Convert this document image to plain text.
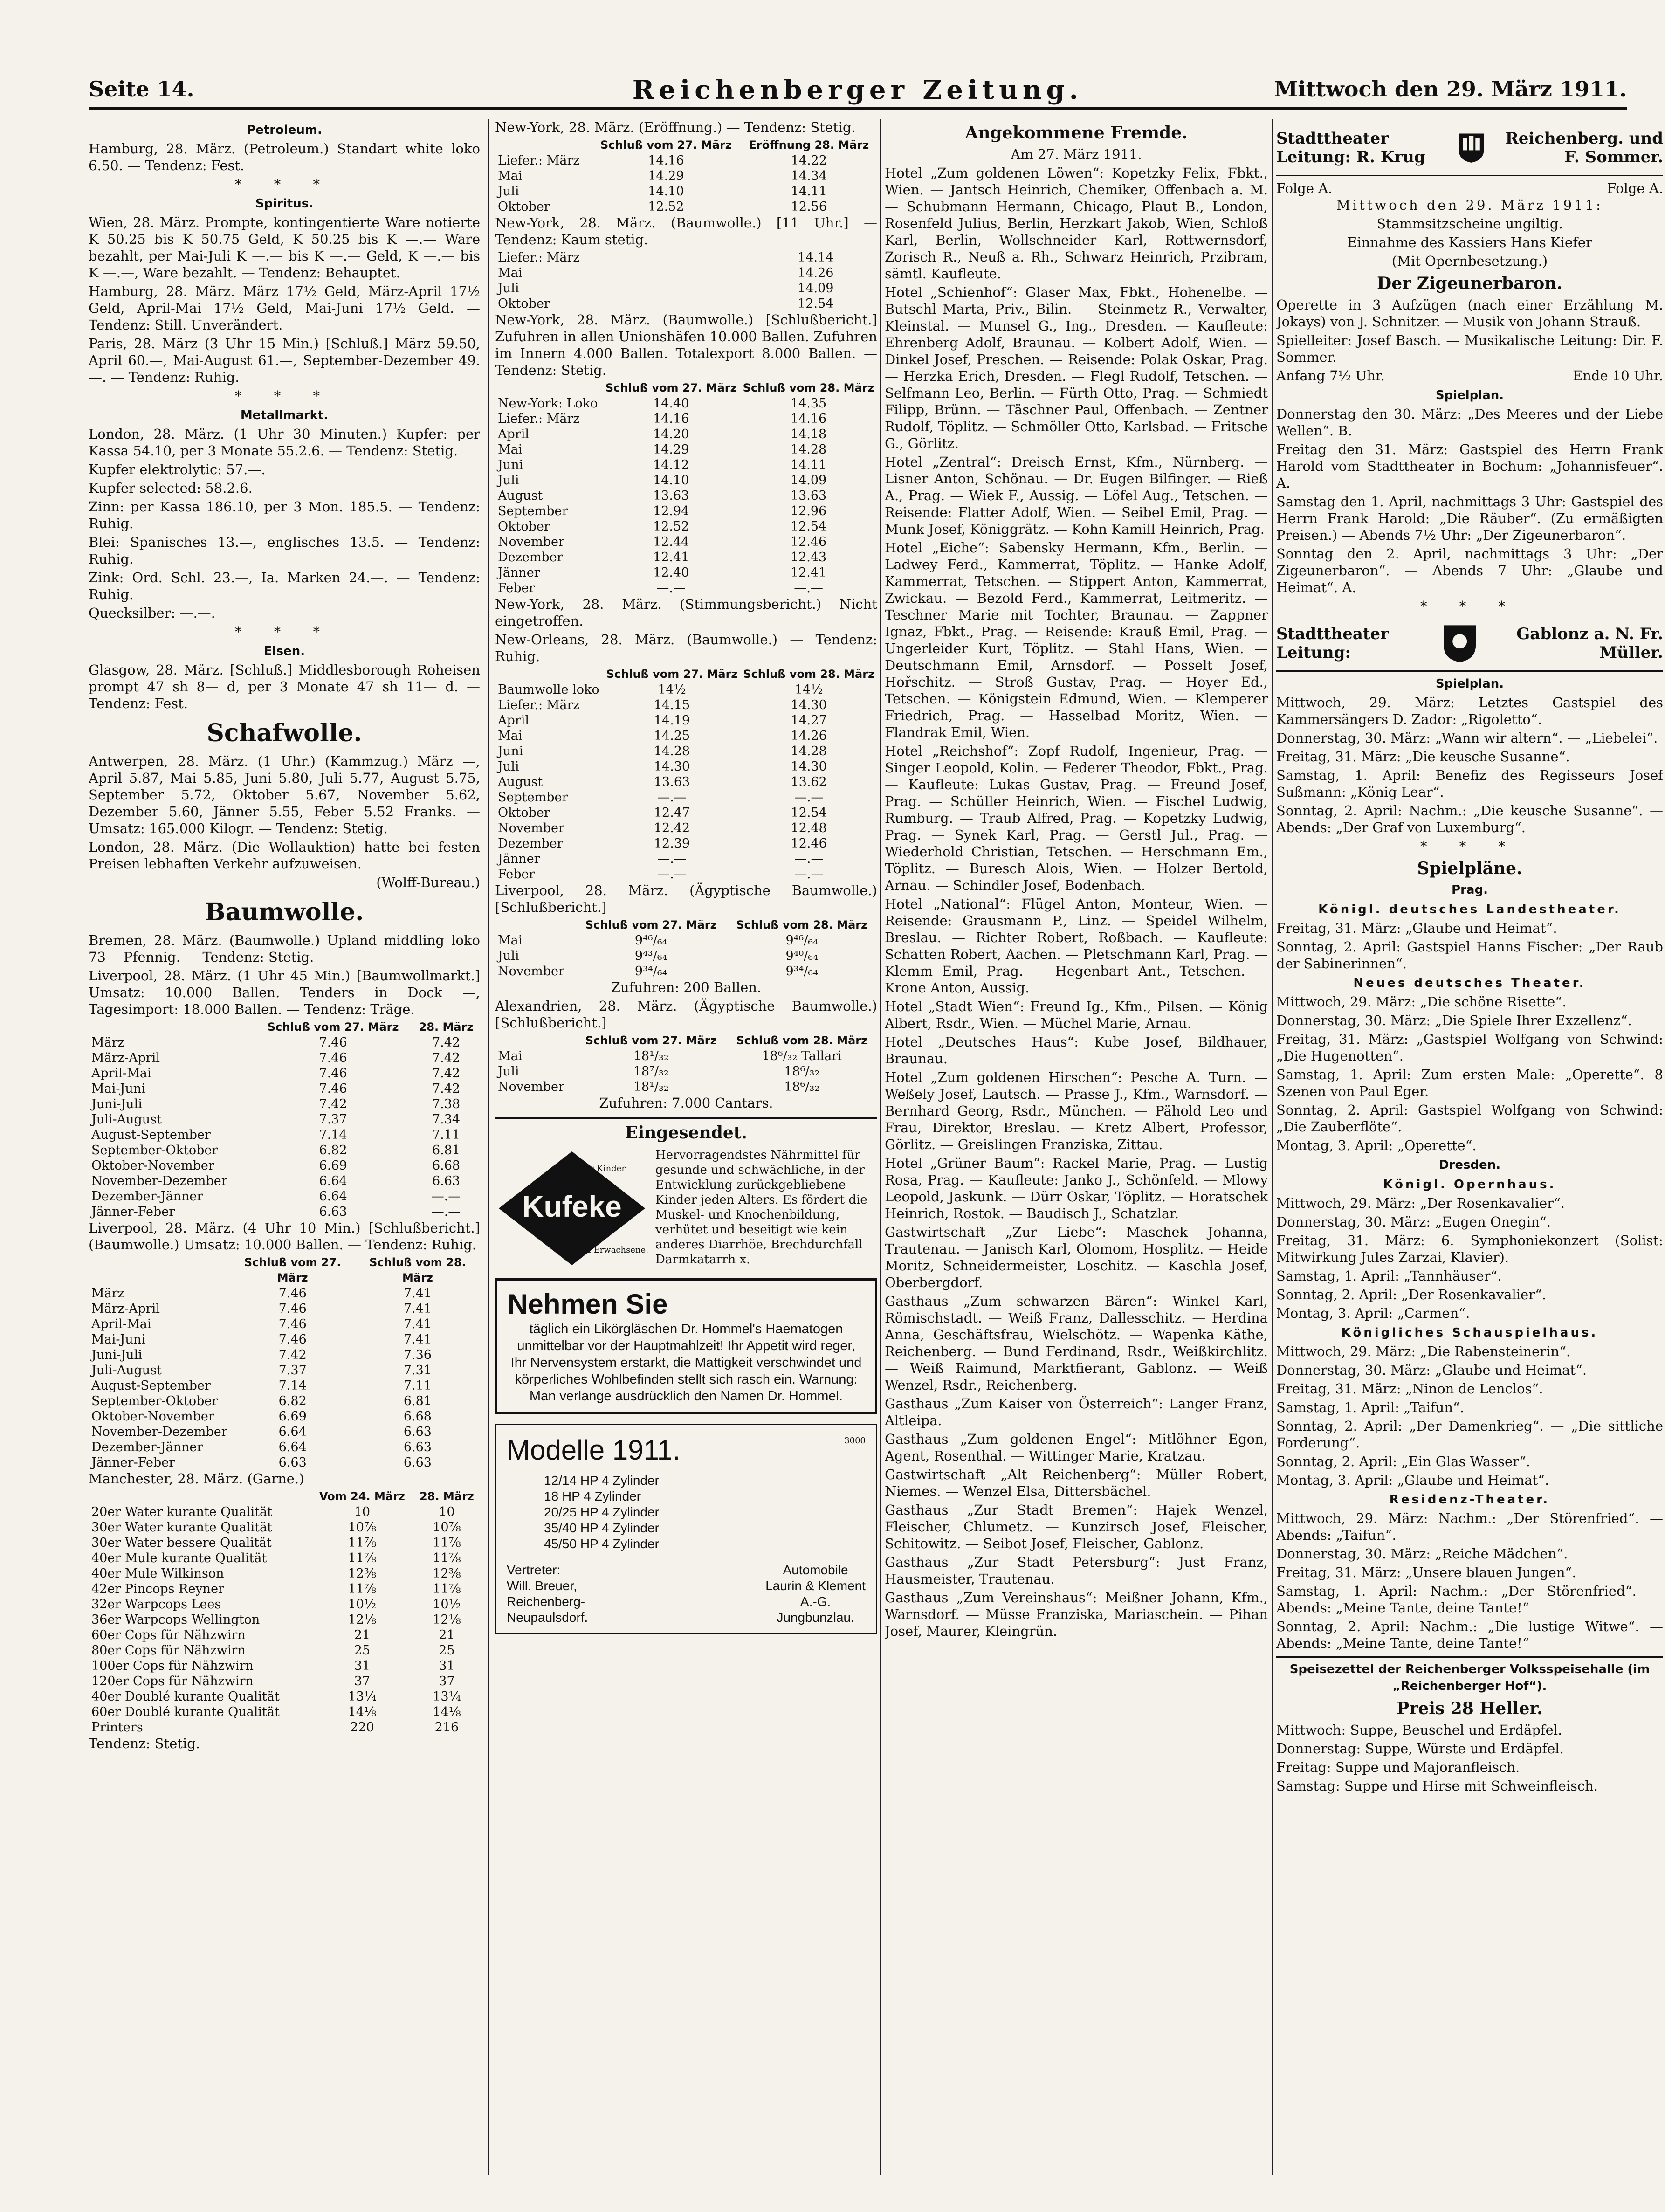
Seite 14.	Reichenberger Zeitung.	Mittwoch den 29. März 1911.
Petroleum.

Hamburg, 28. März. (Petroleum.) Standart white loko 6.50. — Tendenz: Fest.

* * *
Spiritus.

Wien, 28. März. Prompte, kontingentierte Ware notierte K 50.25 bis K 50.75 Geld, K 50.25 bis K —.— Ware bezahlt, per Mai-Juli K —.— bis K —.— Geld, K —.— bis K —.—, Ware bezahlt. — Tendenz: Behauptet.

Hamburg, 28. März. März 17½ Geld, März-April 17½ Geld, April-Mai 17½ Geld, Mai-Juni 17½ Geld. — Tendenz: Still. Unverändert.

Paris, 28. März (3 Uhr 15 Min.) [Schluß.] März 59.50, April 60.—, Mai-August 61.—, September-Dezember 49.—. — Tendenz: Ruhig.

* * *
Metallmarkt.

London, 28. März. (1 Uhr 30 Minuten.) Kupfer: per Kassa 54.10, per 3 Monate 55.2.6. — Tendenz: Stetig.

Kupfer elektrolytic: 57.—.

Kupfer selected: 58.2.6.

Zinn: per Kassa 186.10, per 3 Mon. 185.5. — Tendenz: Ruhig.

Blei: Spanisches 13.—, englisches 13.5. — Tendenz: Ruhig.

Zink: Ord. Schl. 23.—, Ia. Marken 24.—. — Tendenz: Ruhig.

Quecksilber: —.—.

* * *
Eisen.

Glasgow, 28. März. [Schluß.] Middlesborough Roheisen prompt 47 sh 8— d, per 3 Monate 47 sh 11— d. — Tendenz: Fest.

Schafwolle.

Antwerpen, 28. März. (1 Uhr.) (Kammzug.) März —, April 5.87, Mai 5.85, Juni 5.80, Juli 5.77, August 5.75, September 5.72, Oktober 5.67, November 5.62, Dezember 5.60, Jänner 5.55, Feber 5.52 Franks. — Umsatz: 165.000 Kilogr. — Tendenz: Stetig.

London, 28. März. (Die Wollauktion) hatte bei festen Preisen lebhaften Verkehr aufzuweisen.

(Wolff-Bureau.)

Baumwolle.

Bremen, 28. März. (Baumwolle.) Upland middling loko 73— Pfennig. — Tendenz: Stetig.

Liverpool, 28. März. (1 Uhr 45 Min.) [Baumwollmarkt.] Umsatz: 10.000 Ballen. Tenders in Dock —, Tagesimport: 18.000 Ballen. — Tendenz: Träge.

	Schluß vom 27. März	28. März
März	7.46	7.42
März-April	7.46	7.42
April-Mai	7.46	7.42
Mai-Juni	7.46	7.42
Juni-Juli	7.42	7.38
Juli-August	7.37	7.34
August-September	7.14	7.11
September-Oktober	6.82	6.81
Oktober-November	6.69	6.68
November-Dezember	6.64	6.63
Dezember-Jänner	6.64	—.—
Jänner-Feber	6.63	—.—

Liverpool, 28. März. (4 Uhr 10 Min.) [Schlußbericht.] (Baumwolle.) Umsatz: 10.000 Ballen. — Tendenz: Ruhig.

	Schluß vom 27. März	Schluß vom 28. März
März	7.46	7.41
März-April	7.46	7.41
April-Mai	7.46	7.41
Mai-Juni	7.46	7.41
Juni-Juli	7.42	7.36
Juli-August	7.37	7.31
August-September	7.14	7.11
September-Oktober	6.82	6.81
Oktober-November	6.69	6.68
November-Dezember	6.64	6.63
Dezember-Jänner	6.64	6.63
Jänner-Feber	6.63	6.63

Manchester, 28. März. (Garne.)

	Vom 24. März	28. März
20er Water kurante Qualität	10	10
30er Water kurante Qualität	10⅞	10⅞
30er Water bessere Qualität	11⅞	11⅞
40er Mule kurante Qualität	11⅞	11⅞
40er Mule Wilkinson	12⅜	12⅜
42er Pincops Reyner	11⅞	11⅞
32er Warpcops Lees	10½	10½
36er Warpcops Wellington	12⅛	12⅛
60er Cops für Nähzwirn	21	21
80er Cops für Nähzwirn	25	25
100er Cops für Nähzwirn	31	31
120er Cops für Nähzwirn	37	37
40er Doublé kurante Qualität	13¼	13¼
60er Doublé kurante Qualität	14⅛	14⅛
Printers	220	216

Tendenz: Stetig.

New-York, 28. März. (Eröffnung.) — Tendenz: Stetig.

	Schluß vom 27. März	Eröffnung 28. März
Liefer.: März	14.16	14.22
Mai	14.29	14.34
Juli	14.10	14.11
Oktober	12.52	12.56

New-York, 28. März. (Baumwolle.) [11 Uhr.] — Tendenz: Kaum stetig.

Liefer.: März	14.14
Mai	14.26
Juli	14.09
Oktober	12.54

New-York, 28. März. (Baumwolle.) [Schlußbericht.] Zufuhren in allen Unionshäfen 10.000 Ballen. Zufuhren im Innern 4.000 Ballen. Totalexport 8.000 Ballen. — Tendenz: Stetig.

	Schluß vom 27. März	Schluß vom 28. März
New-York: Loko	14.40	14.35
Liefer.: März	14.16	14.16
April	14.20	14.18
Mai	14.29	14.28
Juni	14.12	14.11
Juli	14.10	14.09
August	13.63	13.63
September	12.94	12.96
Oktober	12.52	12.54
November	12.44	12.46
Dezember	12.41	12.43
Jänner	12.40	12.41
Feber	—.—	—.—

New-York, 28. März. (Stimmungsbericht.) Nicht eingetroffen.

New-Orleans, 28. März. (Baumwolle.) — Tendenz: Ruhig.

	Schluß vom 27. März	Schluß vom 28. März
Baumwolle loko	14½	14½
Liefer.: März	14.15	14.30
April	14.19	14.27
Mai	14.25	14.26
Juni	14.28	14.28
Juli	14.30	14.30
August	13.63	13.62
September	—.—	—.—
Oktober	12.47	12.54
November	12.42	12.48
Dezember	12.39	12.46
Jänner	—.—	—.—
Feber	—.—	—.—

Liverpool, 28. März. (Ägyptische Baumwolle.) [Schlußbericht.]

	Schluß vom 27. März	Schluß vom 28. März
Mai	9⁴⁶/₆₄	9⁴⁶/₆₄
Juli	9⁴³/₆₄	9⁴⁰/₆₄
November	9³⁴/₆₄	9³⁴/₆₄

Zufuhren: 200 Ballen.

Alexandrien, 28. März. (Ägyptische Baumwolle.) [Schlußbericht.]

	Schluß vom 27. März	Schluß vom 28. März
Mai	18¹/₃₂	18⁶/₃₂ Tallari
Juli	18⁷/₃₂	18⁶/₃₂
November	18¹/₃₂	18⁶/₃₂

Zufuhren: 7.000 Cantars.

Eingesendet.
Kufeke
Für Kinder
und Erwachsene.
Hervorragendstes Nährmittel für gesunde und schwächliche, in der Entwicklung zurückgebliebene Kinder jeden Alters. Es fördert die Muskel- und Knochenbildung, verhütet und beseitigt wie kein anderes Diarrhöe, Brechdurchfall Darmkatarrh x.
Nehmen Sie
täglich ein Likörgläschen Dr. Hommel's Haematogen unmittelbar vor der Hauptmahlzeit! Ihr Appetit wird reger, Ihr Nervensystem erstarkt, die Mattigkeit verschwindet und körperliches Wohlbefinden stellt sich rasch ein. Warnung: Man verlange ausdrücklich den Namen Dr. Hommel.
Modelle 1911.	3000
12/14 HP 4 Zylinder
18 HP 4 Zylinder
20/25 HP 4 Zylinder
35/40 HP 4 Zylinder
45/50 HP 4 Zylinder
Vertreter:
Will. Breuer,
Reichenberg-
Neupaulsdorf.
Automobile
Laurin & Klement
A.-G.
Jungbunzlau.
Angekommene Fremde.

Am 27. März 1911.

Hotel „Zum goldenen Löwen“: Kopetzky Felix, Fbkt., Wien. — Jantsch Heinrich, Chemiker, Offenbach a. M. — Schubmann Hermann, Chicago, Plaut B., London, Rosenfeld Julius, Berlin, Herzkart Jakob, Wien, Schloß Karl, Berlin, Wollschneider Karl, Rottwernsdorf, Zorisch R., Neuß a. Rh., Schwarz Heinrich, Przibram, sämtl. Kaufleute.

Hotel „Schienhof“: Glaser Max, Fbkt., Hohenelbe. — Butschl Marta, Priv., Bilin. — Steinmetz R., Verwalter, Kleinstal. — Munsel G., Ing., Dresden. — Kaufleute: Ehrenberg Adolf, Braunau. — Kolbert Adolf, Wien. — Dinkel Josef, Preschen. — Reisende: Polak Oskar, Prag. — Herzka Erich, Dresden. — Flegl Rudolf, Tetschen. — Selfmann Leo, Berlin. — Fürth Otto, Prag. — Schmiedt Filipp, Brünn. — Täschner Paul, Offenbach. — Zentner Rudolf, Töplitz. — Schmöller Otto, Karlsbad. — Fritsche G., Görlitz.

Hotel „Zentral“: Dreisch Ernst, Kfm., Nürnberg. — Lisner Anton, Schönau. — Dr. Eugen Bilfinger. — Rieß A., Prag. — Wiek F., Aussig. — Löfel Aug., Tetschen. — Reisende: Flatter Adolf, Wien. — Seibel Emil, Prag. — Munk Josef, Königgrätz. — Kohn Kamill Heinrich, Prag.

Hotel „Eiche“: Sabensky Hermann, Kfm., Berlin. — Ladwey Ferd., Kammerrat, Töplitz. — Hanke Adolf, Kammerrat, Tetschen. — Stippert Anton, Kammerrat, Zwickau. — Bezold Ferd., Kammerrat, Leitmeritz. — Teschner Marie mit Tochter, Braunau. — Zappner Ignaz, Fbkt., Prag. — Reisende: Krauß Emil, Prag. — Ungerleider Kurt, Töplitz. — Stahl Hans, Wien. — Deutschmann Emil, Arnsdorf. — Posselt Josef, Hořschitz. — Stroß Gustav, Prag. — Hoyer Ed., Tetschen. — Königstein Edmund, Wien. — Klemperer Friedrich, Prag. — Hasselbad Moritz, Wien. — Flandrak Emil, Wien.

Hotel „Reichshof“: Zopf Rudolf, Ingenieur, Prag. — Singer Leopold, Kolin. — Federer Theodor, Fbkt., Prag. — Kaufleute: Lukas Gustav, Prag. — Freund Josef, Prag. — Schüller Heinrich, Wien. — Fischel Ludwig, Rumburg. — Traub Alfred, Prag. — Kopetzky Ludwig, Prag. — Synek Karl, Prag. — Gerstl Jul., Prag. — Wiederhold Christian, Tetschen. — Herschmann Em., Töplitz. — Buresch Alois, Wien. — Holzer Bertold, Arnau. — Schindler Josef, Bodenbach.

Hotel „National“: Flügel Anton, Monteur, Wien. — Reisende: Grausmann P., Linz. — Speidel Wilhelm, Breslau. — Richter Robert, Roßbach. — Kaufleute: Schatten Robert, Aachen. — Pletschmann Karl, Prag. — Klemm Emil, Prag. — Hegenbart Ant., Tetschen. — Krone Anton, Aussig.

Hotel „Stadt Wien“: Freund Ig., Kfm., Pilsen. — König Albert, Rsdr., Wien. — Müchel Marie, Arnau.

Hotel „Deutsches Haus“: Kube Josef, Bildhauer, Braunau.

Hotel „Zum goldenen Hirschen“: Pesche A. Turn. — Weßely Josef, Lautsch. — Prasse J., Kfm., Warnsdorf. — Bernhard Georg, Rsdr., München. — Pähold Leo und Frau, Direktor, Breslau. — Kretz Albert, Professor, Görlitz. — Greislingen Franziska, Zittau.

Hotel „Grüner Baum“: Rackel Marie, Prag. — Lustig Rosa, Prag. — Kaufleute: Janko J., Schönfeld. — Mlowy Leopold, Jaskunk. — Dürr Oskar, Töplitz. — Horatschek Heinrich, Rostok. — Baudisch J., Schatzlar.

Gastwirtschaft „Zur Liebe“: Maschek Johanna, Trautenau. — Janisch Karl, Olomom, Hosplitz. — Heide Moritz, Schneidermeister, Loschitz. — Kaschla Josef, Oberbergdorf.

Gasthaus „Zum schwarzen Bären“: Winkel Karl, Römischstadt. — Weiß Franz, Dallesschitz. — Herdina Anna, Geschäftsfrau, Wielschötz. — Wapenka Käthe, Reichenberg. — Bund Ferdinand, Rsdr., Weißkirchlitz. — Weiß Raimund, Marktfierant, Gablonz. — Weiß Wenzel, Rsdr., Reichenberg.

Gasthaus „Zum Kaiser von Österreich“: Langer Franz, Altleipa.

Gasthaus „Zum goldenen Engel“: Mitlöhner Egon, Agent, Rosenthal. — Wittinger Marie, Kratzau.

Gastwirtschaft „Alt Reichenberg“: Müller Robert, Niemes. — Wenzel Elsa, Dittersbächel.

Gasthaus „Zur Stadt Bremen“: Hajek Wenzel, Fleischer, Chlumetz. — Kunzirsch Josef, Fleischer, Schitowitz. — Seibot Josef, Fleischer, Gablonz.

Gasthaus „Zur Stadt Petersburg“: Just Franz, Hausmeister, Trautenau.

Gasthaus „Zum Vereinshaus“: Meißner Johann, Kfm., Warnsdorf. — Müsse Franziska, Mariaschein. — Pihan Josef, Maurer, Kleingrün.

Stadttheater Leitung: R. Krug
Reichenberg. und F. Sommer.
Folge A.	Folge A.

Mittwoch den 29. März 1911:

Stammsitzscheine ungiltig.

Einnahme des Kassiers Hans Kiefer

(Mit Opernbesetzung.)

Der Zigeunerbaron.

Operette in 3 Aufzügen (nach einer Erzählung M. Jokays) von J. Schnitzer. — Musik von Johann Strauß.

Spielleiter: Josef Basch. — Musikalische Leitung: Dir. F. Sommer.

Anfang 7½ Uhr.	Ende 10 Uhr.
Spielplan.

Donnerstag den 30. März: „Des Meeres und der Liebe Wellen“. B.

Freitag den 31. März: Gastspiel des Herrn Frank Harold vom Stadttheater in Bochum: „Johannisfeuer“. A.

Samstag den 1. April, nachmittags 3 Uhr: Gastspiel des Herrn Frank Harold: „Die Räuber“. (Zu ermäßigten Preisen.) — Abends 7½ Uhr: „Der Zigeunerbaron“.

Sonntag den 2. April, nachmittags 3 Uhr: „Der Zigeunerbaron“. — Abends 7 Uhr: „Glaube und Heimat“. A.

* * *
Stadttheater Leitung:
Gablonz a. N. Fr. Müller.
Spielplan.

Mittwoch, 29. März: Letztes Gastspiel des Kammersängers D. Zador: „Rigoletto“.

Donnerstag, 30. März: „Wann wir altern“. — „Liebelei“.

Freitag, 31. März: „Die keusche Susanne“.

Samstag, 1. April: Benefiz des Regisseurs Josef Sußmann: „König Lear“.

Sonntag, 2. April: Nachm.: „Die keusche Susanne“. — Abends: „Der Graf von Luxemburg“.

* * *
Spielpläne.
Prag.
Königl. deutsches Landestheater.

Freitag, 31. März: „Glaube und Heimat“.

Sonntag, 2. April: Gastspiel Hanns Fischer: „Der Raub der Sabinerinnen“.

Neues deutsches Theater.

Mittwoch, 29. März: „Die schöne Risette“.

Donnerstag, 30. März: „Die Spiele Ihrer Exzellenz“.

Freitag, 31. März: „Gastspiel Wolfgang von Schwind: „Die Hugenotten“.

Samstag, 1. April: Zum ersten Male: „Operette“. 8 Szenen von Paul Eger.

Sonntag, 2. April: Gastspiel Wolfgang von Schwind: „Die Zauberflöte“.

Montag, 3. April: „Operette“.

Dresden.
Königl. Opernhaus.

Mittwoch, 29. März: „Der Rosenkavalier“.

Donnerstag, 30. März: „Eugen Onegin“.

Freitag, 31. März: 6. Symphoniekonzert (Solist: Mitwirkung Jules Zarzai, Klavier).

Samstag, 1. April: „Tannhäuser“.

Sonntag, 2. April: „Der Rosenkavalier“.

Montag, 3. April: „Carmen“.

Königliches Schauspielhaus.

Mittwoch, 29. März: „Die Rabensteinerin“.

Donnerstag, 30. März: „Glaube und Heimat“.

Freitag, 31. März: „Ninon de Lenclos“.

Samstag, 1. April: „Taifun“.

Sonntag, 2. April: „Der Damenkrieg“. — „Die sittliche Forderung“.

Sonntag, 2. April: „Ein Glas Wasser“.

Montag, 3. April: „Glaube und Heimat“.

Residenz-Theater.

Mittwoch, 29. März: Nachm.: „Der Störenfried“. — Abends: „Taifun“.

Donnerstag, 30. März: „Reiche Mädchen“.

Freitag, 31. März: „Unsere blauen Jungen“.

Samstag, 1. April: Nachm.: „Der Störenfried“. — Abends: „Meine Tante, deine Tante!“

Sonntag, 2. April: Nachm.: „Die lustige Witwe“. — Abends: „Meine Tante, deine Tante!“

Speisezettel der Reichenberger Volksspeisehalle (im „Reichenberger Hof“).
Preis 28 Heller.

Mittwoch: Suppe, Beuschel und Erdäpfel.

Donnerstag: Suppe, Würste und Erdäpfel.

Freitag: Suppe und Majoranfleisch.

Samstag: Suppe und Hirse mit Schweinfleisch.
